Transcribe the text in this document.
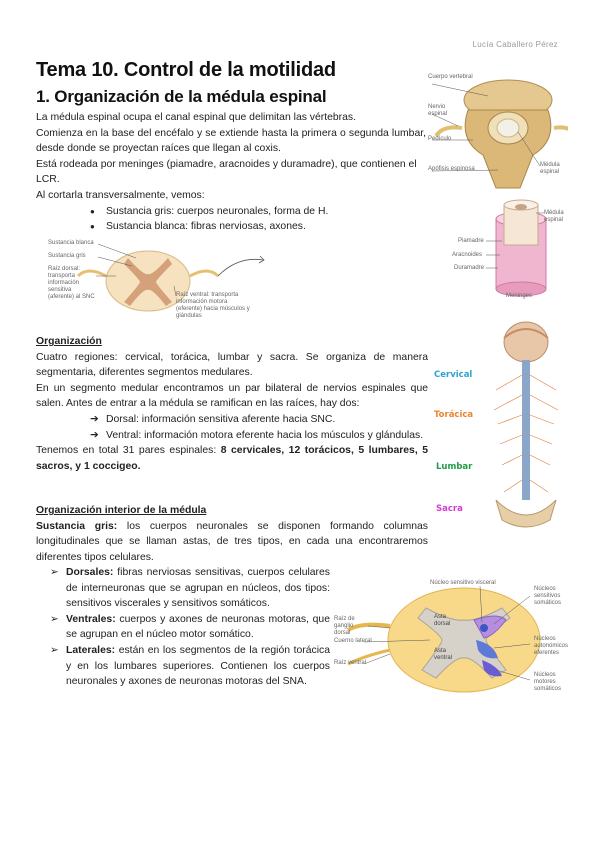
Lucía Caballero Pérez
Tema 10. Control de la motilidad
1. Organización de la médula espinal
La médula espinal ocupa el canal espinal que delimitan las vértebras.
Comienza en la base del encéfalo y se extiende hasta la primera o segunda lumbar, desde donde se proyectan raíces que llegan al coxis.
Está rodeada por meninges (piamadre, aracnoides y duramadre), que contienen el LCR.
Al cortarla transversalmente, vemos:
● Sustancia gris: cuerpos neuronales, forma de H.
● Sustancia blanca: fibras nerviosas, axones.
Cuerpo vertebral
Nervio espinal
Pedículo
Apófisis espinosa
Médula espinal
Médula espinal
Piamadre
Aracnoides
Duramadre
Meninges
Sustancia blanca
Sustancia gris
Raíz dorsal: transporta información sensitiva (aferente) al SNC	Raíz ventral: transporta información motora (eferente) hacia músculos y glándulas
Organización
Cuatro regiones: cervical, torácica, lumbar y sacra. Se organiza de manera segmentaria, diferentes segmentos medulares.
En un segmento medular encontramos un par bilateral de nervios espinales que salen. Antes de entrar a la médula se ramifican en las raíces, hay dos:
➔ Dorsal: información sensitiva aferente hacia SNC.
➔ Ventral: información motora eferente hacia los músculos y glándulas.
Tenemos en total 31 pares espinales: 8 cervicales, 12 torácicos, 5 lumbares, 5 sacros, y 1 coccigeo.
Cervical
Torácica
Lumbar
Sacra
Organización interior de la médula
Sustancia gris: los cuerpos neuronales se disponen formando columnas longitudinales que se llaman astas, de tres tipos, en cada una encontraremos diferentes tipos celulares.
➢ Dorsales: fibras nerviosas sensitivas, cuerpos celulares de interneuronas que se agrupan en núcleos, dos tipos: sensitivos viscerales y sensitivos somáticos.
➢ Ventrales: cuerpos y axones de neuronas motoras, que se agrupan en el núcleo motor somático.
➢ Laterales: están en los segmentos de la región torácica y en los lumbares superiores. Contienen los cuerpos neuronales y axones de neuronas motoras del SNA.
Núcleo sensitivo visceral
Raíz de ganglio dorsal
Cuerno lateral
Raíz ventral
Núcleos sensitivos somáticos
Núcleos autonómicos eferentes
Núcleos motores somáticos
Asta dorsal
Asta ventral
